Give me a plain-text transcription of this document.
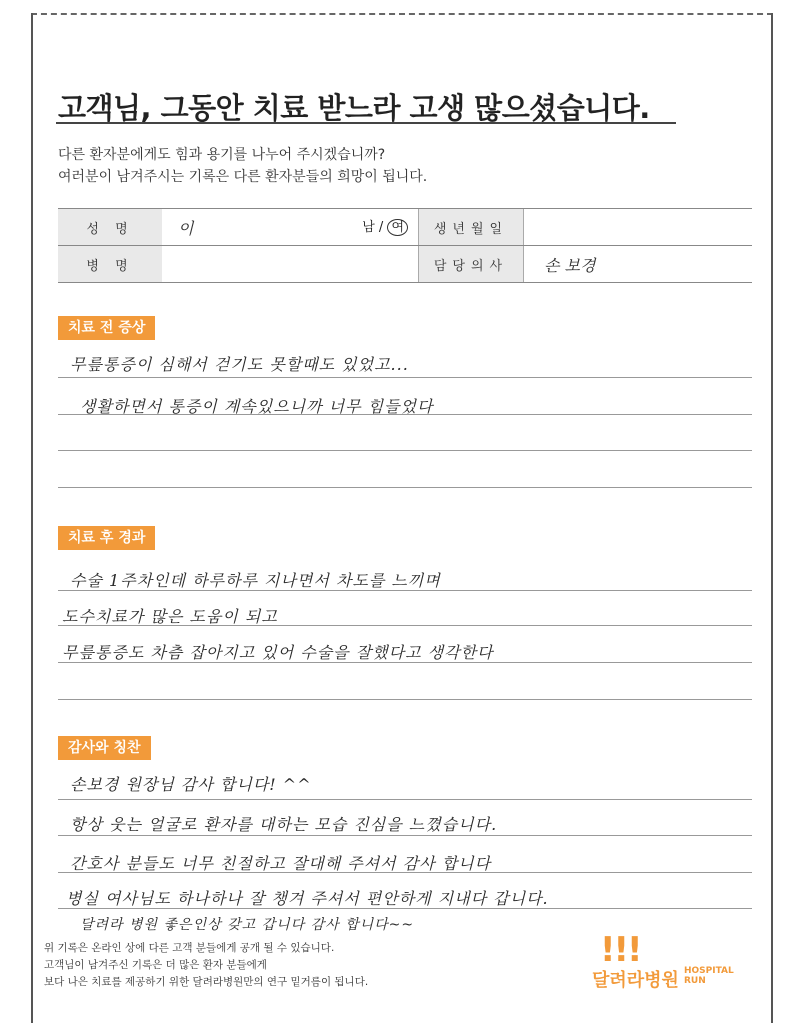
고객님, 그동안 치료 받느라 고생 많으셨습니다.
다른 환자분에게도 힘과 용기를 나누어 주시겠습니까?
여러분이 남겨주시는 기록은 다른 환자분들의 희망이 됩니다.
성 명	이 남 / 여	생년월일	
병 명		담당의사	손 보경
치료 전 증상
무릎통증이 심해서 걷기도 못할때도 있었고...
생활하면서 통증이 계속있으니까 너무 힘들었다
치료 후 경과
수술 1주차인데 하루하루 지나면서 차도를 느끼며
도수치료가 많은 도움이 되고
무릎통증도 차츰 잡아지고 있어 수술을 잘했다고 생각한다
감사와 칭찬
손보경 원장님 감사 합니다! ^^
항상 웃는 얼굴로 환자를 대하는 모습 진심을 느꼈습니다.
간호사 분들도 너무 친절하고 잘대해 주셔서 감사 합니다
병실 여사님도 하나하나 잘 챙겨 주셔서 편안하게 지내다 갑니다.
달려라 병원 좋은인상 갖고 갑니다 감사 합니다~~
위 기록은 온라인 상에 다른 고객 분들에게 공개 될 수 있습니다.
고객님이 남겨주신 기록은 더 많은 환자 분들에게
보다 나은 치료를 제공하기 위한 달려라병원만의 연구 밑거름이 됩니다.
!!!
달려라병원 HOSPITAL
RUN
